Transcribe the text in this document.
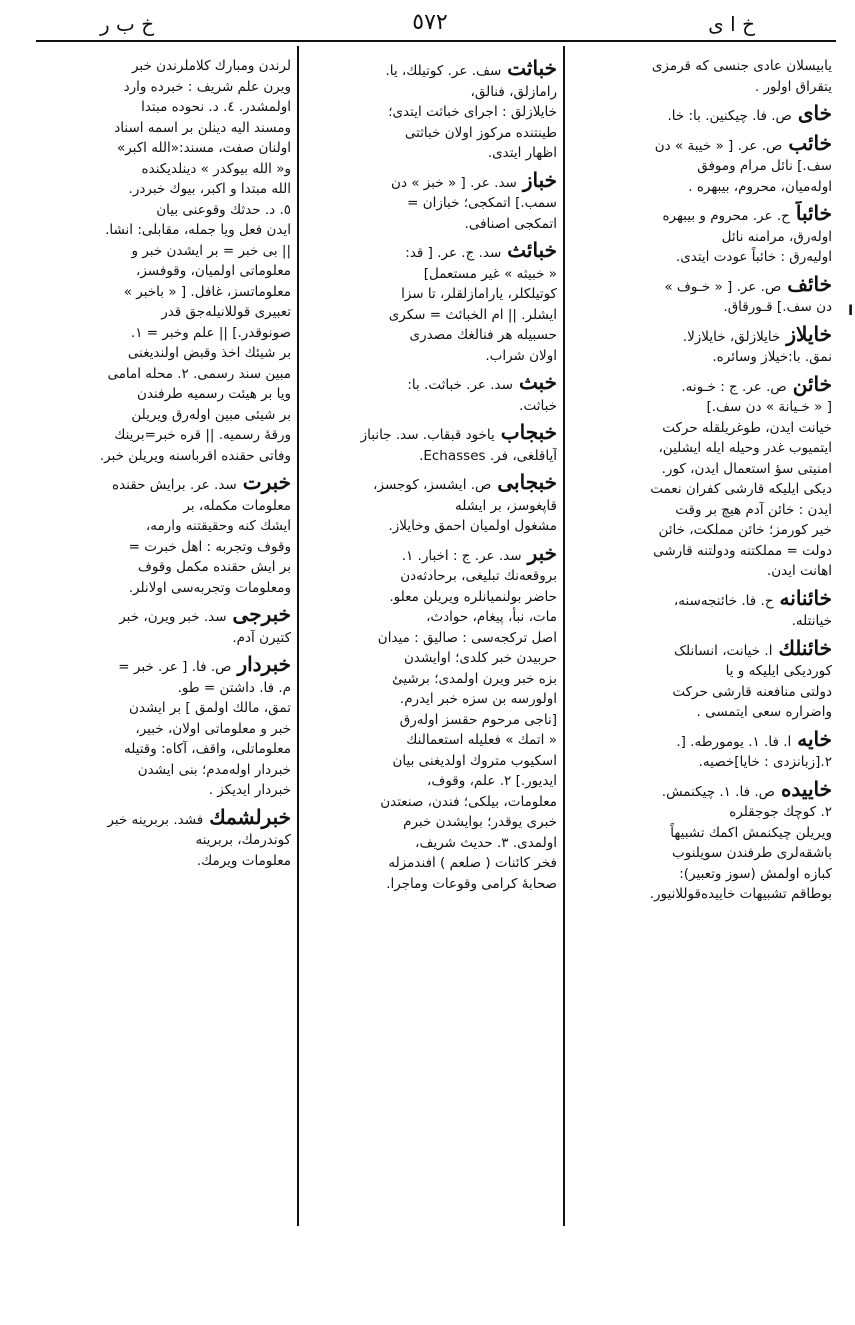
خ ا ی
٥٧٢
خ ب ر
یابیسلان عادی جنسی که قرمزی
یتقراق اولور .
خایص. فا. چیکنین. با: خا.
خائبص. عر. [ « خیبة » دن
سف.] نائل مرام وموفق
اوله‌میان، محروم، بیبهره .
خائباًح. عر. محروم و بیبهره
اوله‌رق، مرامنه نائل
اولیه‌رق : خائباً عودت ایتدی.
خائفص. عر. [ « خـوف »
دن سف.] قـورقاق.
خایلازخایلازلق، خایلازلا.
نمق. با:خیلاز وسائره.
خائنص. عر. ج : خـونه.
[ « خـیانة » دن سف.]
خیانت ایدن، طوغریلقله حرکت
ایتمیوب غدر وحیله ایله ایشلین،
امنیتی سؤ استعمال ایدن، کور.
دیکی ایلیکه قارشی کفران نعمت
ایدن : خائن آدم هیچ بر وقت
خیر کورمز؛ خائن مملکت، خائن
دولت = مملکتنه ودولتنه قارشی
اهانت ایدن.
خائنانهح. فا. خائنجه‌سنه،
خیانتله.
خائنلكا. خیانت، انسانلک
کوردیکی ایلیکه و یا
دولتی منافعنه قارشی حرکت
واضراره سعی ایتمسی .
خایها. فا. ۱. یومورطه. [.
۲.[زبانزدی : خایا]خصیه.
خاییدهص. فا. ۱. چیکنمش.
۲. کوچك جوجقلره
ویریلن چیکنمش اکمك تشبیهاً
باشقه‌لری طرفندن سویلنوب
کبازه اولمش (سوز وتعبیر):
بوطاقم تشبیهات خاییده‌قوللانیور.
خباثتسف. عر. کوتیلك، یا.
رامازلق، فنالق،
خایلازلق : اجرای خباثت ایتدی؛
طینتنده مرکوز اولان خباثتی
اظهار ایتدی.
خبازسد. عر. [ « خبز » دن
سمب.] اتمکجی؛ خبازان =
اتمکجی اصنافی.
خبائثسد. ج. عر. [ قد:
« خبیثه » غیر مستعمل]
کوتیلکلر، یارامازلقلر، تا سزا
ایشلر. || ام الخبائث = سکری
حسبیله هر فنالغك مصدری
اولان شراب.
خبثسد. عر. خباثت. با:
خباثت.
خبجابیاخود قبقاب. سد. جانباز
آیاقلغی، فر. Echasses.
خبجابیص. ایشسز، کوجسز،
قاپغوسز، بر ایشله
مشغول اولمیان احمق وخایلاز.
خبرسد. عر. ج : اخبار. ۱.
بروقعه‌نك تبلیغی، برحادثه‌دن
حاضر بولنمیانلره ویریلن معلو.
مات، نبأ، پیغام، حوادث،
اصل ترکجه‌سی : صالیق : میدان
حربیدن خبر کلدی؛ اوایشدن
بزه خبر ویرن اولمدی؛ برشیئ
اولورسه بن سزه خبر ایدرم.
[ناجی مرحوم حقسز اوله‌رق
« اتمك » فعلیله استعمالنك
اسکیوب متروك اولدیغنی بیان
ایدیور.] ۲. علم، وقوف،
معلومات، بیلکی؛ فندن، صنعتدن
خبری یوقدر؛ بوایشدن خبرم
اولمدی. ۳. حدیث شریف،
فخر کائنات ( صلعم ) افندمزله
صحابهٔ کرامی وقوعات وماجرا.
لرندن ومبارك کلاملرندن خبر
ویرن علم شریف : خبرده وارد
اولمشدر. ٤. د. نحوده مبتدا
ومسند الیه دینلن بر اسمه اسناد
اولنان صفت، مسند:«الله اکبر»
و« الله بیوکدر » دینلدیکنده
الله مبتدا و اکبر، بیوك خبردر.
٥. د. حدثك وقوعنی بیان
ایدن فعل ویا جمله، مقابلی: انشا.
|| بی خبر = بر ایشدن خبر و
معلوماتی اولمیان، وقوفسز،
معلوماتسز، غافل. [ « باخبر »
تعبیری قوللانیله‌جق قدر
صونوقدر.] || علم وخبر = ۱.
بر شیئك اخذ وقبض اولندیغنی
مبین سند رسمی. ۲. محله امامی
ویا بر هیئت رسمیه طرفندن
بر شیئی مبین اوله‌رق ویریلن
ورقهٔ رسمیه. || قره خبر=برینك
وفاتی حقنده اقرباسنه ویریلن خبر.
خبرتسد. عر. برایش حقنده
معلومات مکمله، بر
ایشك کنه وحقیقتنه وارمه،
وقوف وتجربه : اهل خبرت =
بر ایش حقنده مکمل وقوف
ومعلومات وتجربه‌سی اولانلر.
خبرجیسد. خبر ویرن، خبر
کتیرن آدم.
خبردارص. فا. [ عر. خبر =
م. فا. داشتن = طو.
تمق، مالك اولمق ] بر ایشدن
خبر و معلوماتی اولان، خبیر،
معلوماتلی، واقف، آکاه: وقتیله
خبردار اوله‌مدم؛ بنی ایشدن
خبردار ایدیکز .
خبرلشمكفشد. بربرینه خبر
کوندرمك، بربرینه
معلومات ویرمك.
I
